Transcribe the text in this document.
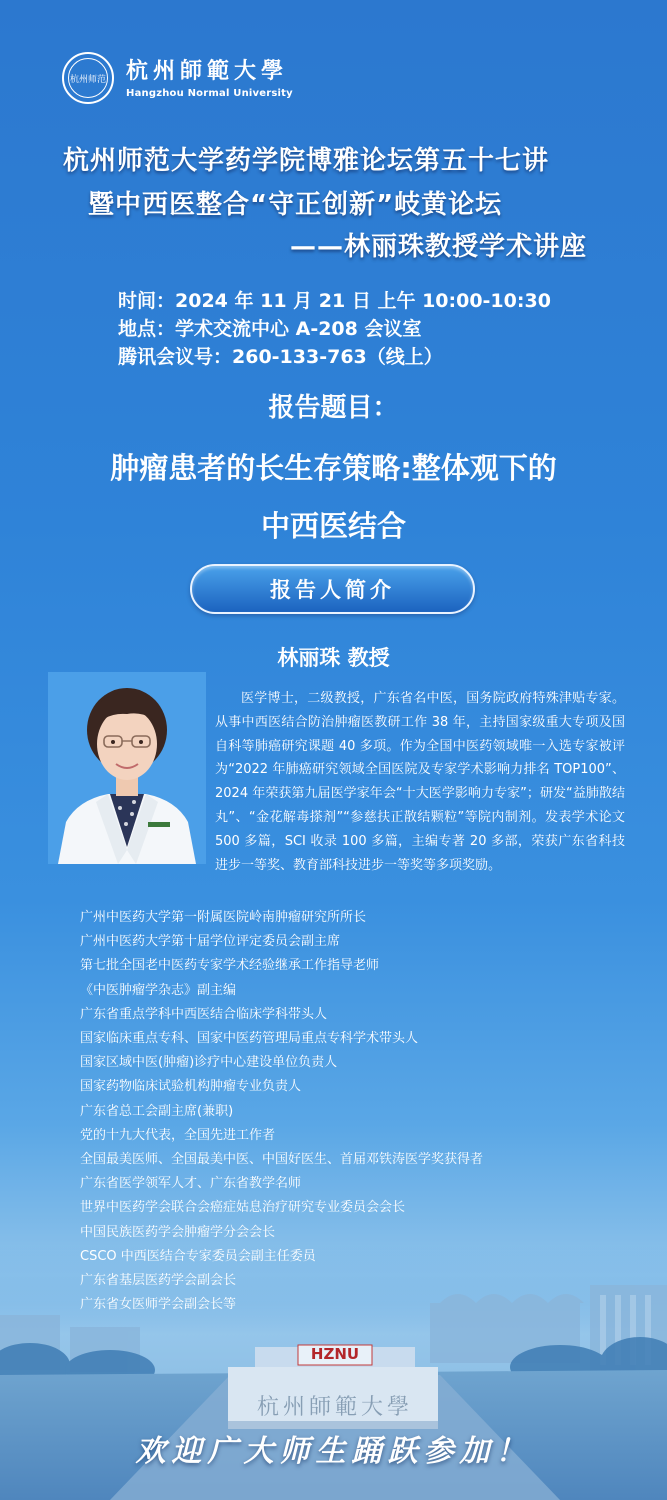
HZNU
杭州師範大學
杭州师范 杭州師範大學
Hangzhou Normal University
杭州师范大学药学院博雅论坛第五十七讲
暨中西医整合“守正创新”岐黄论坛
——林丽珠教授学术讲座
时间：2024 年 11 月 21 日 上午 10:00-10:30
地点：学术交流中心 A-208 会议室
腾讯会议号：260-133-763（线上）
报告题目：
肿瘤患者的长生存策略:整体观下的
中西医结合
报告人简介
林丽珠 教授
医学博士，二级教授，广东省名中医，国务院政府特殊津贴专家。从事中西医结合防治肿瘤医教研工作 38 年，主持国家级重大专项及国自科等肺癌研究课题 40 多项。作为全国中医药领域唯一入选专家被评为“2022 年肺癌研究领域全国医院及专家学术影响力排名 TOP100”、2024 年荣获第九届医学家年会“十大医学影响力专家”；研发“益肺散结丸”、“金花解毒搽剂”“参慈扶正散结颗粒”等院内制剂。发表学术论文 500 多篇，SCI 收录 100 多篇，主编专著 20 多部，荣获广东省科技进步一等奖、教育部科技进步一等奖等多项奖励。
广州中医药大学第一附属医院岭南肿瘤研究所所长
广州中医药大学第十届学位评定委员会副主席
第七批全国老中医药专家学术经验继承工作指导老师
《中医肿瘤学杂志》副主编
广东省重点学科中西医结合临床学科带头人
国家临床重点专科、国家中医药管理局重点专科学术带头人
国家区域中医(肿瘤)诊疗中心建设单位负责人
国家药物临床试验机构肿瘤专业负责人
广东省总工会副主席(兼职)
党的十九大代表，全国先进工作者
全国最美医师、全国最美中医、中国好医生、首届邓铁涛医学奖获得者
广东省医学领军人才、广东省教学名师
世界中医药学会联合会癌症姑息治疗研究专业委员会会长
中国民族医药学会肿瘤学分会会长
CSCO 中西医结合专家委员会副主任委员
广东省基层医药学会副会长
广东省女医师学会副会长等
欢迎广大师生踊跃参加！
